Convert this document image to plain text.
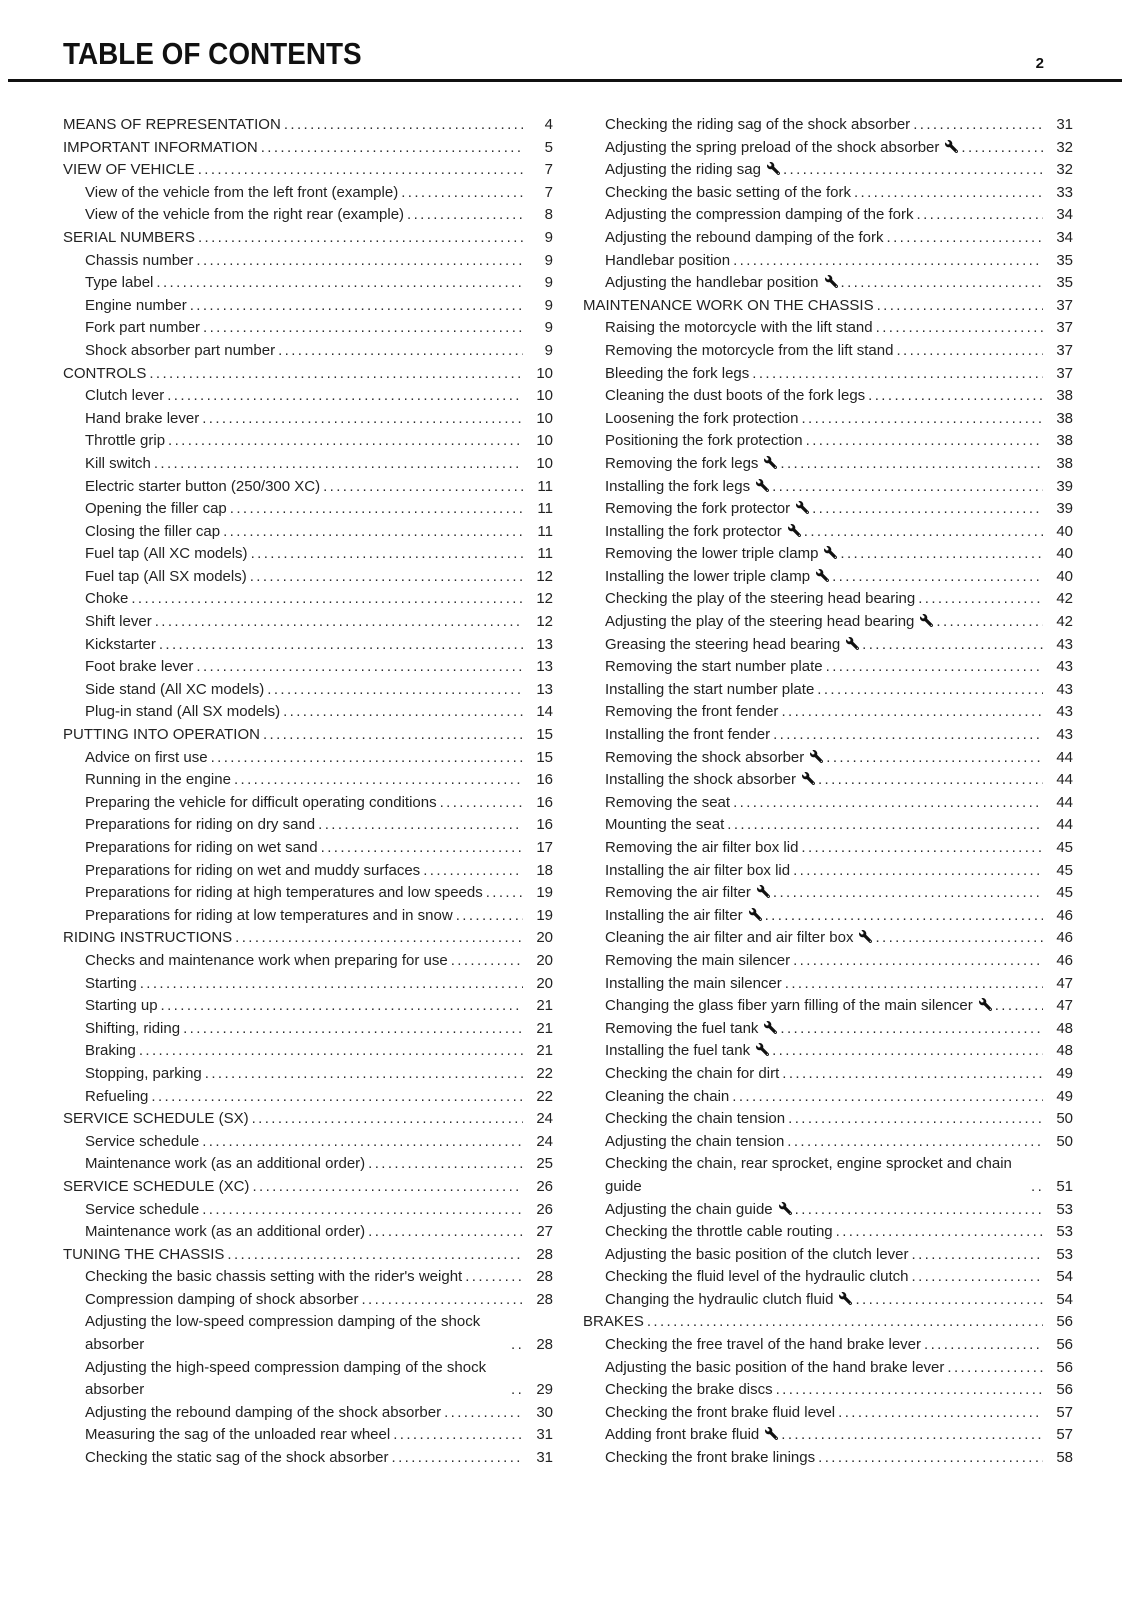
TABLE OF CONTENTS	2
MEANS OF REPRESENTATION .....	4
IMPORTANT INFORMATION .....	5
VIEW OF VEHICLE .....	7
View of the vehicle from the left front (example) .....	7
View of the vehicle from the right rear (example) .....	8
SERIAL NUMBERS .....	9
Chassis number .....	9
Type label .....	9
Engine number .....	9
Fork part number .....	9
Shock absorber part number .....	9
CONTROLS .....	10
Clutch lever .....	10
Hand brake lever .....	10
Throttle grip .....	10
Kill switch .....	10
Electric starter button (250/300 XC) .....	11
Opening the filler cap .....	11
Closing the filler cap .....	11
Fuel tap (All XC models) .....	11
Fuel tap (All SX models) .....	12
Choke .....	12
Shift lever .....	12
Kickstarter .....	13
Foot brake lever .....	13
Side stand (All XC models) .....	13
Plug-in stand (All SX models) .....	14
PUTTING INTO OPERATION .....	15
Advice on first use .....	15
Running in the engine .....	16
Preparing the vehicle for difficult operating conditions .....	16
Preparations for riding on dry sand .....	16
Preparations for riding on wet sand .....	17
Preparations for riding on wet and muddy surfaces .....	18
Preparations for riding at high temperatures and low speeds .....	19
Preparations for riding at low temperatures and in snow .....	19
RIDING INSTRUCTIONS .....	20
Checks and maintenance work when preparing for use .....	20
Starting .....	20
Starting up .....	21
Shifting, riding .....	21
Braking .....	21
Stopping, parking .....	22
Refueling .....	22
SERVICE SCHEDULE (SX) .....	24
Service schedule .....	24
Maintenance work (as an additional order) .....	25
SERVICE SCHEDULE (XC) .....	26
Service schedule .....	26
Maintenance work (as an additional order) .....	27
TUNING THE CHASSIS .....	28
Checking the basic chassis setting with the rider's weight .....	28
Compression damping of shock absorber .....	28
Adjusting the low-speed compression damping of the shock absorber .....	28
Adjusting the high-speed compression damping of the shock absorber .....	29
Adjusting the rebound damping of the shock absorber .....	30
Measuring the sag of the unloaded rear wheel .....	31
Checking the static sag of the shock absorber .....	31
Checking the riding sag of the shock absorber .....	31
Adjusting the spring preload of the shock absorber .....	32
Adjusting the riding sag .....	32
Checking the basic setting of the fork .....	33
Adjusting the compression damping of the fork .....	34
Adjusting the rebound damping of the fork .....	34
Handlebar position .....	35
Adjusting the handlebar position .....	35
MAINTENANCE WORK ON THE CHASSIS .....	37
Raising the motorcycle with the lift stand .....	37
Removing the motorcycle from the lift stand .....	37
Bleeding the fork legs .....	37
Cleaning the dust boots of the fork legs .....	38
Loosening the fork protection .....	38
Positioning the fork protection .....	38
Removing the fork legs .....	38
Installing the fork legs .....	39
Removing the fork protector .....	39
Installing the fork protector .....	40
Removing the lower triple clamp .....	40
Installing the lower triple clamp .....	40
Checking the play of the steering head bearing .....	42
Adjusting the play of the steering head bearing .....	42
Greasing the steering head bearing .....	43
Removing the start number plate .....	43
Installing the start number plate .....	43
Removing the front fender .....	43
Installing the front fender .....	43
Removing the shock absorber .....	44
Installing the shock absorber .....	44
Removing the seat .....	44
Mounting the seat .....	44
Removing the air filter box lid .....	45
Installing the air filter box lid .....	45
Removing the air filter .....	45
Installing the air filter .....	46
Cleaning the air filter and air filter box .....	46
Removing the main silencer .....	46
Installing the main silencer .....	47
Changing the glass fiber yarn filling of the main silencer .....	47
Removing the fuel tank .....	48
Installing the fuel tank .....	48
Checking the chain for dirt .....	49
Cleaning the chain .....	49
Checking the chain tension .....	50
Adjusting the chain tension .....	50
Checking the chain, rear sprocket, engine sprocket and chain guide .....	51
Adjusting the chain guide .....	53
Checking the throttle cable routing .....	53
Adjusting the basic position of the clutch lever .....	53
Checking the fluid level of the hydraulic clutch .....	54
Changing the hydraulic clutch fluid .....	54
BRAKES .....	56
Checking the free travel of the hand brake lever .....	56
Adjusting the basic position of the hand brake lever .....	56
Checking the brake discs .....	56
Checking the front brake fluid level .....	57
Adding front brake fluid .....	57
Checking the front brake linings .....	58
